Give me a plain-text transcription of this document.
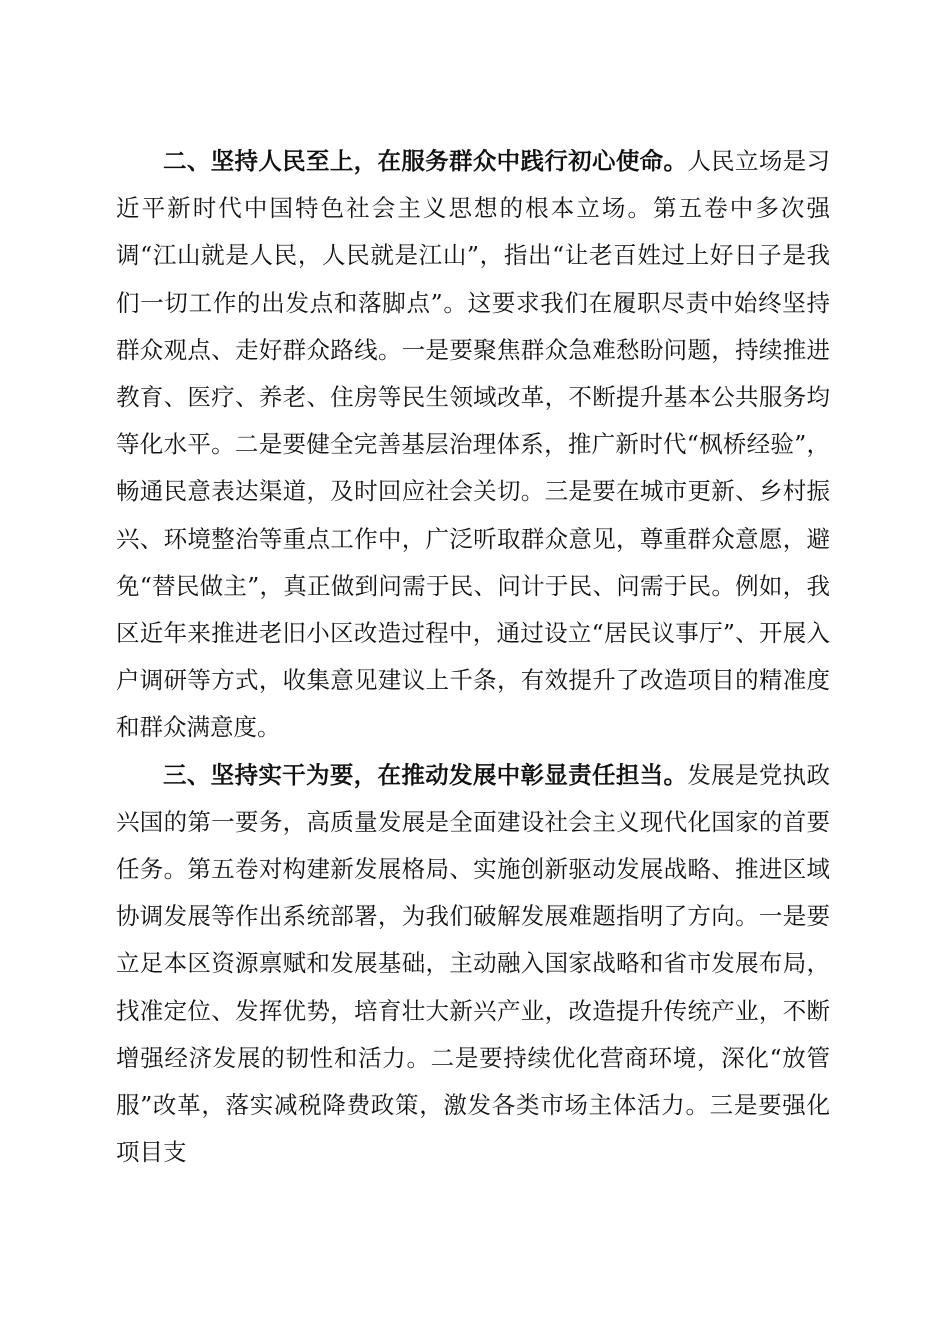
二、坚持人民至上，在服务群众中践行初心使命。人民立场是习近平新时代中国特色社会主义思想的根本立场。第五卷中多次强调“江山就是人民，人民就是江山”，指出“让老百姓过上好日子是我们一切工作的出发点和落脚点”。这要求我们在履职尽责中始终坚持群众观点、走好群众路线。一是要聚焦群众急难愁盼问题，持续推进教育、医疗、养老、住房等民生领域改革，不断提升基本公共服务均等化水平。二是要健全完善基层治理体系，推广新时代“枫桥经验”，畅通民意表达渠道，及时回应社会关切。三是要在城市更新、乡村振兴、环境整治等重点工作中，广泛听取群众意见，尊重群众意愿，避免“替民做主”，真正做到问需于民、问计于民、问需于民。例如，我区近年来推进老旧小区改造过程中，通过设立“居民议事厅”、开展入户调研等方式，收集意见建议上千条，有效提升了改造项目的精准度和群众满意度。

三、坚持实干为要，在推动发展中彰显责任担当。发展是党执政兴国的第一要务，高质量发展是全面建设社会主义现代化国家的首要任务。第五卷对构建新发展格局、实施创新驱动发展战略、推进区域协调发展等作出系统部署，为我们破解发展难题指明了方向。一是要立足本区资源禀赋和发展基础，主动融入国家战略和省市发展布局，找准定位、发挥优势，培育壮大新兴产业，改造提升传统产业，不断增强经济发展的韧性和活力。二是要持续优化营商环境，深化“放管服”改革，落实减税降费政策，激发各类市场主体活力。三是要强化项目支
